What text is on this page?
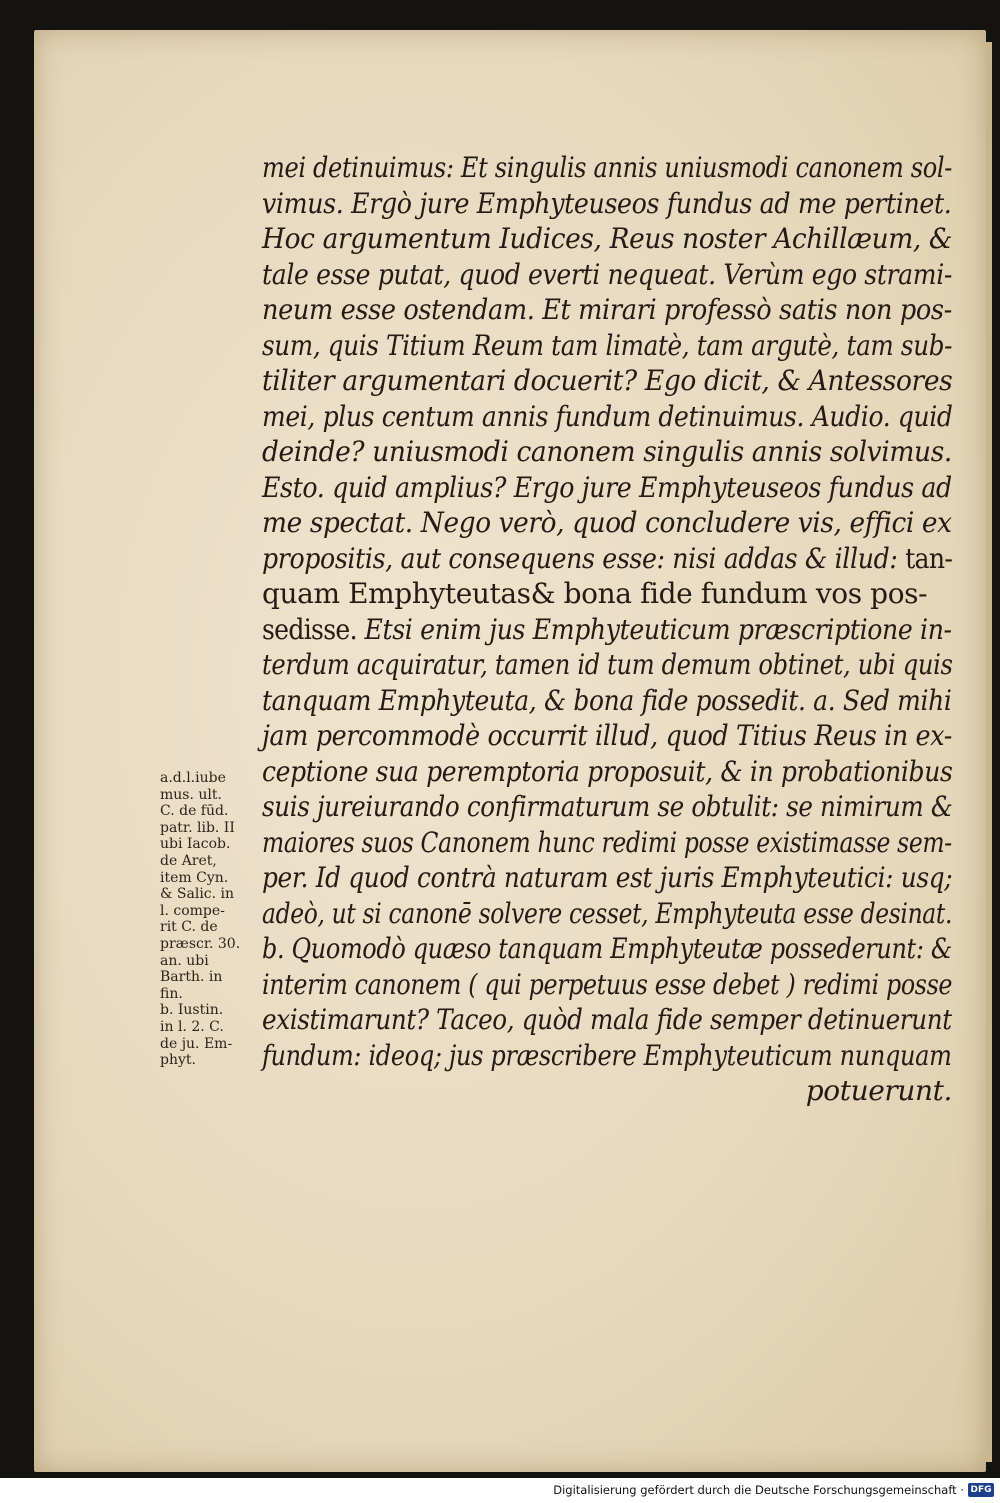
mei detinuimus: Et singulis annis uniusmodi canonem sol-
vimus. Ergò jure Emphyteuseos fundus ad me pertinet.
Hoc argumentum Iudices, Reus noster Achillæum, &
tale esse putat, quod everti nequeat. Verùm ego strami-
neum esse ostendam. Et mirari professò satis non pos-
sum, quis Titium Reum tam limatè, tam argutè, tam sub-
tiliter argumentari docuerit? Ego dicit, & Antessores
mei, plus centum annis fundum detinuimus. Audio. quid
deinde? uniusmodi canonem singulis annis solvimus.
Esto. quid amplius? Ergo jure Emphyteuseos fundus ad
me spectat. Nego verò, quod concludere vis, effici ex
propositis, aut consequens esse: nisi addas & illud: tan-
quam Emphyteutas& bona fide fundum vos pos-
sedisse. Etsi enim jus Emphyteuticum præscriptione in-
terdum acquiratur, tamen id tum demum obtinet, ubi quis
tanquam Emphyteuta, & bona fide possedit. a. Sed mihi
jam percommodè occurrit illud, quod Titius Reus in ex-
ceptione sua peremptoria proposuit, & in probationibus
suis jureiurando confirmaturum se obtulit: se nimirum &
maiores suos Canonem hunc redimi posse existimasse sem-
per. Id quod contrà naturam est juris Emphyteutici: usq;
adeò, ut si canonē solvere cesset, Emphyteuta esse desinat.
b. Quomodò quæso tanquam Emphyteutæ possederunt: &
interim canonem ( qui perpetuus esse debet ) redimi posse
existimarunt? Taceo, quòd mala fide semper detinuerunt
fundum: ideoq; jus præscribere Emphyteuticum nunquam
potuerunt.
a.d.l.iube
mus. ult.
C. de fūd.
patr. lib. II
ubi Iacob.
de Aret,
item Cyn.
& Salic. in
l. compe-
rit C. de
præscr. 30.
an. ubi
Barth. in
fin.
b. Iustin.
in l. 2. C.
de ju. Em-
phyt.
Digitalisierung gefördert durch die Deutsche Forschungsgemeinschaft · DFG
